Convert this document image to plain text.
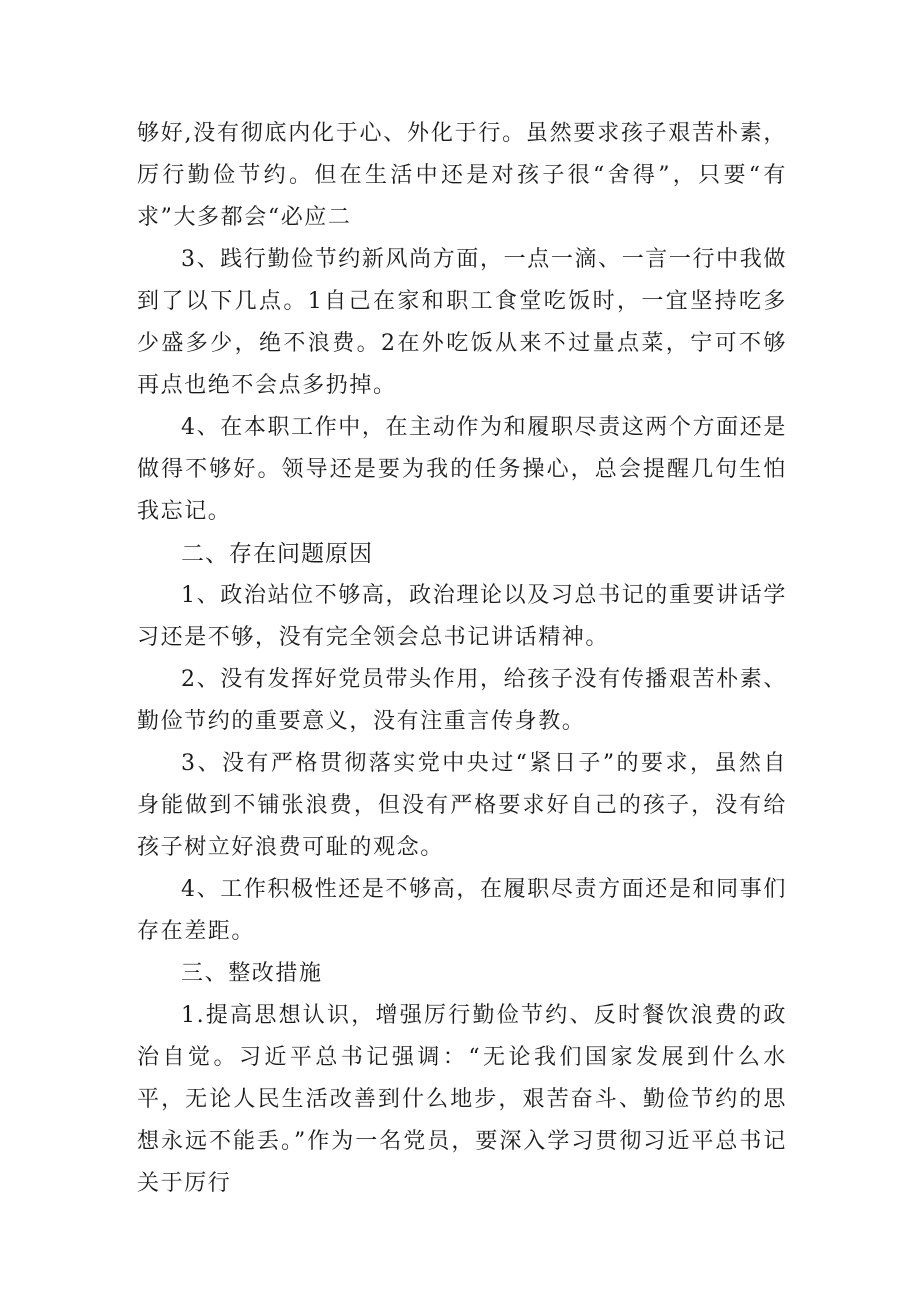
够好,没有彻底内化于心、外化于行。虽然要求孩子艰苦朴素，厉行勤俭节约。但在生活中还是对孩子很“舍得”，只要“有求”大多都会“必应二

3、践行勤俭节约新风尚方面，一点一滴、一言一行中我做到了以下几点。1自己在家和职工食堂吃饭时，一宜坚持吃多少盛多少，绝不浪费。2在外吃饭从来不过量点菜，宁可不够再点也绝不会点多扔掉。

4、在本职工作中，在主动作为和履职尽责这两个方面还是做得不够好。领导还是要为我的任务操心，总会提醒几句生怕我忘记。

二、存在问题原因

1、政治站位不够高，政治理论以及习总书记的重要讲话学习还是不够，没有完全领会总书记讲话精神。

2、没有发挥好党员带头作用，给孩子没有传播艰苦朴素、勤俭节约的重要意义，没有注重言传身教。

3、没有严格贯彻落实党中央过“紧日子”的要求，虽然自身能做到不铺张浪费，但没有严格要求好自己的孩子，没有给孩子树立好浪费可耻的观念。

4、工作积极性还是不够高，在履职尽责方面还是和同事们存在差距。

三、整改措施

1.提高思想认识，增强厉行勤俭节约、反时餐饮浪费的政治自觉。习近平总书记强调：“无论我们国家发展到什么水平，无论人民生活改善到什么地步，艰苦奋斗、勤俭节约的思想永远不能丢。”作为一名党员，要深入学习贯彻习近平总书记关于厉行
